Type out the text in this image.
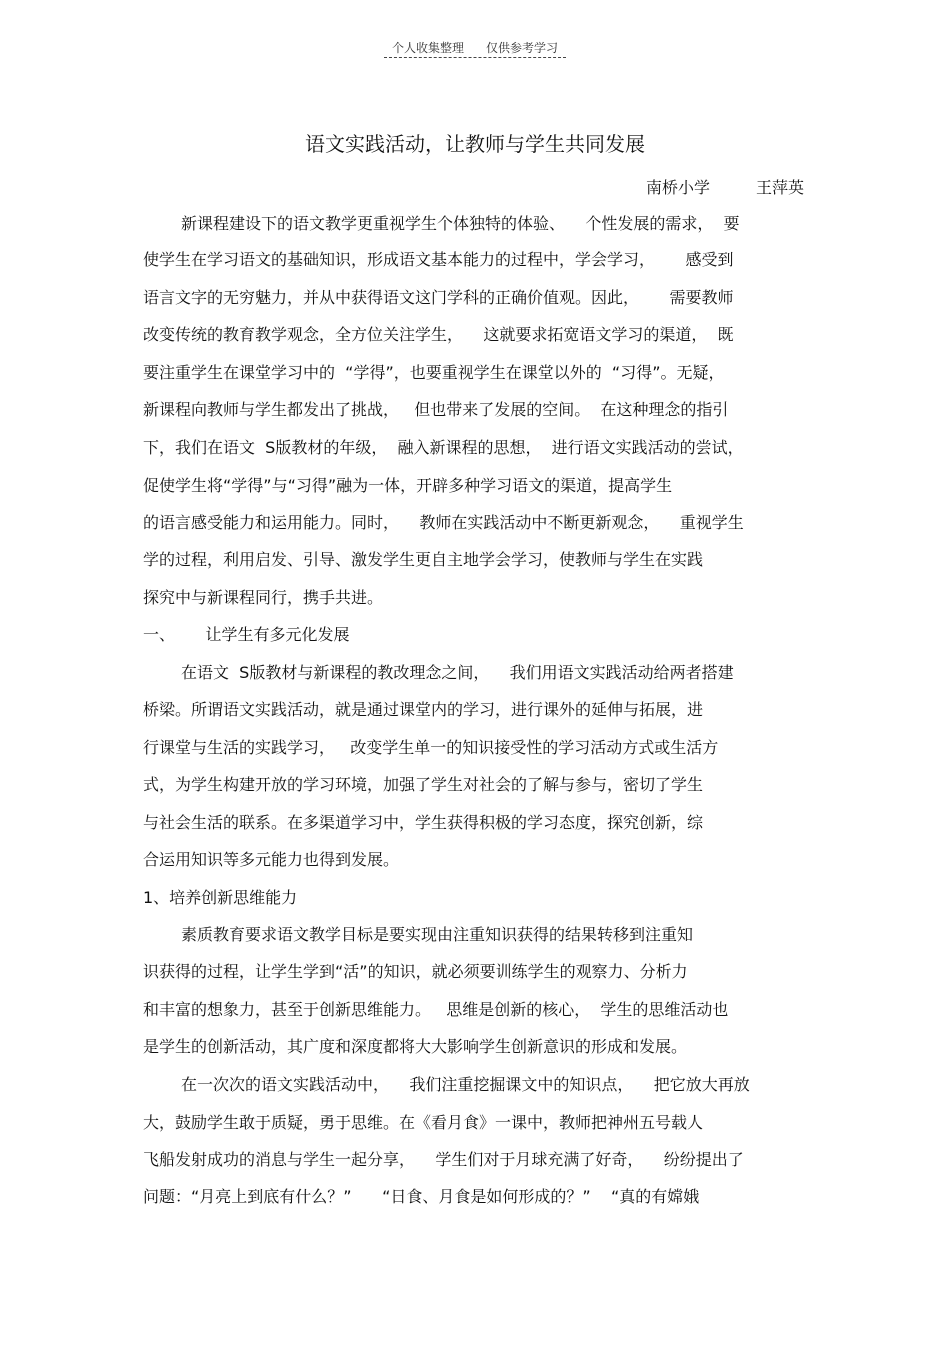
个人收集整理 仅供参考学习
语文实践活动，让教师与学生共同发展
南桥小学	王萍英
新课程建设下的语文教学更重视学生个体独特的体验、    个性发展的需求，  要
使学生在学习语文的基础知识，形成语文基本能力的过程中，学会学习，      感受到
语言文字的无穷魅力，并从中获得语文这门学科的正确价值观。因此，      需要教师
改变传统的教育教学观念，全方位关注学生，    这就要求拓宽语文学习的渠道，  既
要注重学生在课堂学习中的  “学得”，也要重视学生在课堂以外的  “习得”。无疑，
新课程向教师与学生都发出了挑战，   但也带来了发展的空间。  在这种理念的指引
下，我们在语文  S版教材的年级，  融入新课程的思想，  进行语文实践活动的尝试，
促使学生将“学得”与“习得”融为一体，开辟多种学习语文的渠道，提高学生
的语言感受能力和运用能力。同时，    教师在实践活动中不断更新观念，    重视学生
学的过程，利用启发、引导、激发学生更自主地学会学习，使教师与学生在实践
探究中与新课程同行，携手共进。
一、      让学生有多元化发展
在语文  S版教材与新课程的教改理念之间，    我们用语文实践活动给两者搭建
桥梁。所谓语文实践活动，就是通过课堂内的学习，进行课外的延伸与拓展，进
行课堂与生活的实践学习，   改变学生单一的知识接受性的学习活动方式或生活方
式，为学生构建开放的学习环境，加强了学生对社会的了解与参与，密切了学生
与社会生活的联系。在多渠道学习中，学生获得积极的学习态度，探究创新，综
合运用知识等多元能力也得到发展。
1、培养创新思维能力
素质教育要求语文教学目标是要实现由注重知识获得的结果转移到注重知
识获得的过程，让学生学到“活”的知识，就必须要训练学生的观察力、分析力
和丰富的想象力，甚至于创新思维能力。   思维是创新的核心，  学生的思维活动也
是学生的创新活动，其广度和深度都将大大影响学生创新意识的形成和发展。
在一次次的语文实践活动中，    我们注重挖掘课文中的知识点，    把它放大再放
大，鼓励学生敢于质疑，勇于思维。在《看月食》一课中，教师把神州五号载人
飞船发射成功的消息与学生一起分享，    学生们对于月球充满了好奇，    纷纷提出了
问题：“月亮上到底有什么？”      “日食、月食是如何形成的？”    “真的有嫦娥
